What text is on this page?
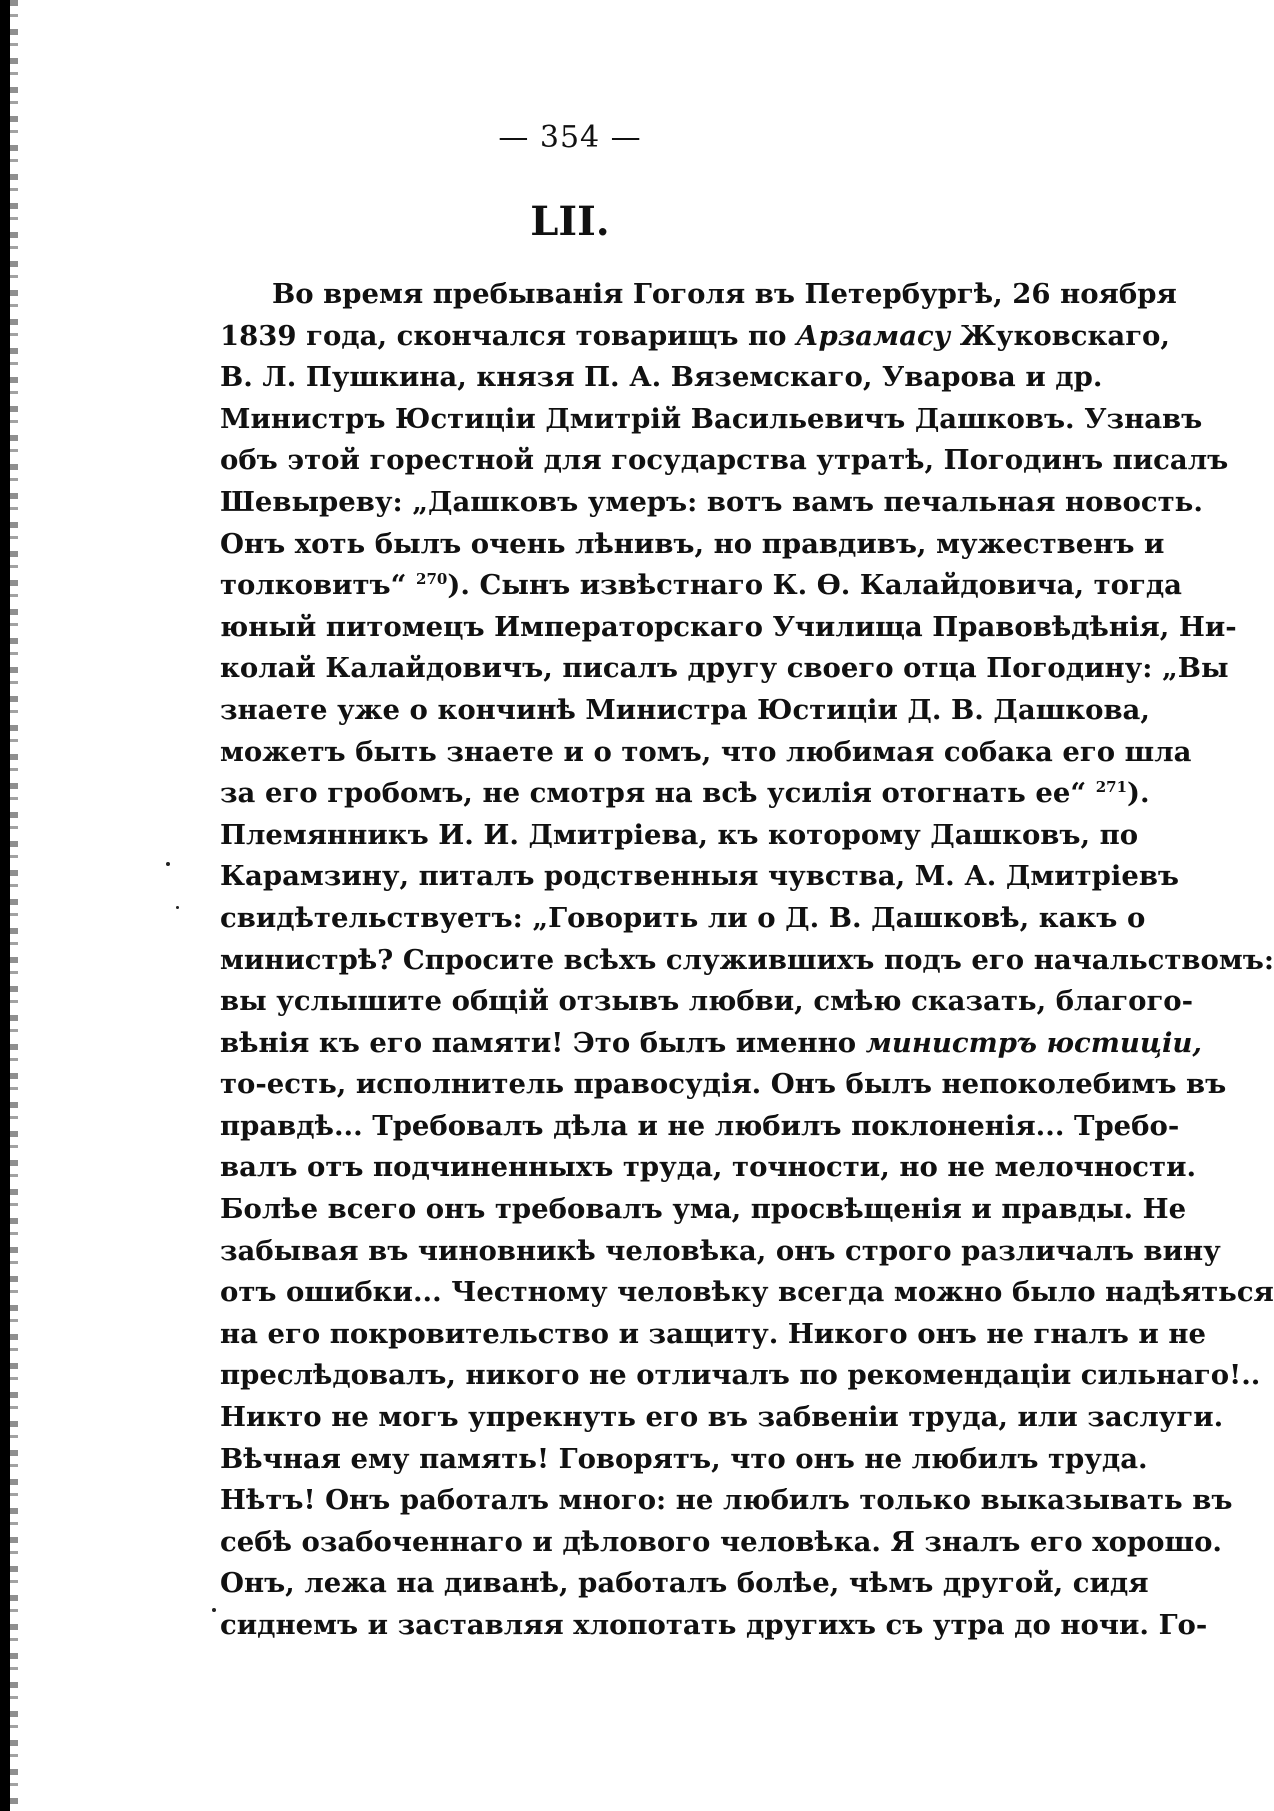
— 354 —
LII.
Во время пребыванія Гоголя въ Петербургѣ, 26 ноября
1839 года, скончался товарищъ по Арзамасу Жуковскаго,
В. Л. Пушкина, князя П. А. Вяземскаго, Уварова и др.
Министръ Юстиціи Дмитрій Васильевичъ Дашковъ. Узнавъ
объ этой горестной для государства утратѣ, Погодинъ писалъ
Шевыреву: „Дашковъ умеръ: вотъ вамъ печальная новость.
Онъ хоть былъ очень лѣнивъ, но правдивъ, мужественъ и
толковитъ“ $^{270}$). Сынъ извѣстнаго К. Ѳ. Калайдовича, тогда
юный питомецъ Императорскаго Училища Правовѣдѣнія, Ни-
колай Калайдовичъ, писалъ другу своего отца Погодину: „Вы
знаете уже о кончинѣ Министра Юстиціи Д. В. Дашкова,
можетъ быть знаете и о томъ, что любимая собака его шла
за его гробомъ, не смотря на всѣ усилія отогнать ее“ $^{271}$).
Племянникъ И. И. Дмитріева, къ которому Дашковъ, по
Карамзину, питалъ родственныя чувства, М. А. Дмитріевъ
свидѣтельствуетъ: „Говорить ли о Д. В. Дашковѣ, какъ о
министрѣ? Спросите всѣхъ служившихъ подъ его начальствомъ:
вы услышите общій отзывъ любви, смѣю сказать, благого-
вѣнія къ его памяти! Это былъ именно министръ юстиціи,
то-есть, исполнитель правосудія. Онъ былъ непоколебимъ въ
правдѣ... Требовалъ дѣла и не любилъ поклоненія... Требо-
валъ отъ подчиненныхъ труда, точности, но не мелочности.
Болѣе всего онъ требовалъ ума, просвѣщенія и правды. Не
забывая въ чиновникѣ человѣка, онъ строго различалъ вину
отъ ошибки... Честному человѣку всегда можно было надѣяться
на его покровительство и защиту. Никого онъ не гналъ и не
преслѣдовалъ, никого не отличалъ по рекомендаціи сильнаго!..
Никто не могъ упрекнуть его въ забвеніи труда, или заслуги.
Вѣчная ему память! Говорятъ, что онъ не любилъ труда.
Нѣтъ! Онъ работалъ много: не любилъ только выказывать въ
себѣ озабоченнаго и дѣлового человѣка. Я зналъ его хорошо.
Онъ, лежа на диванѣ, работалъ болѣе, чѣмъ другой, сидя
сиднемъ и заставляя хлопотать другихъ съ утра до ночи. Го-
